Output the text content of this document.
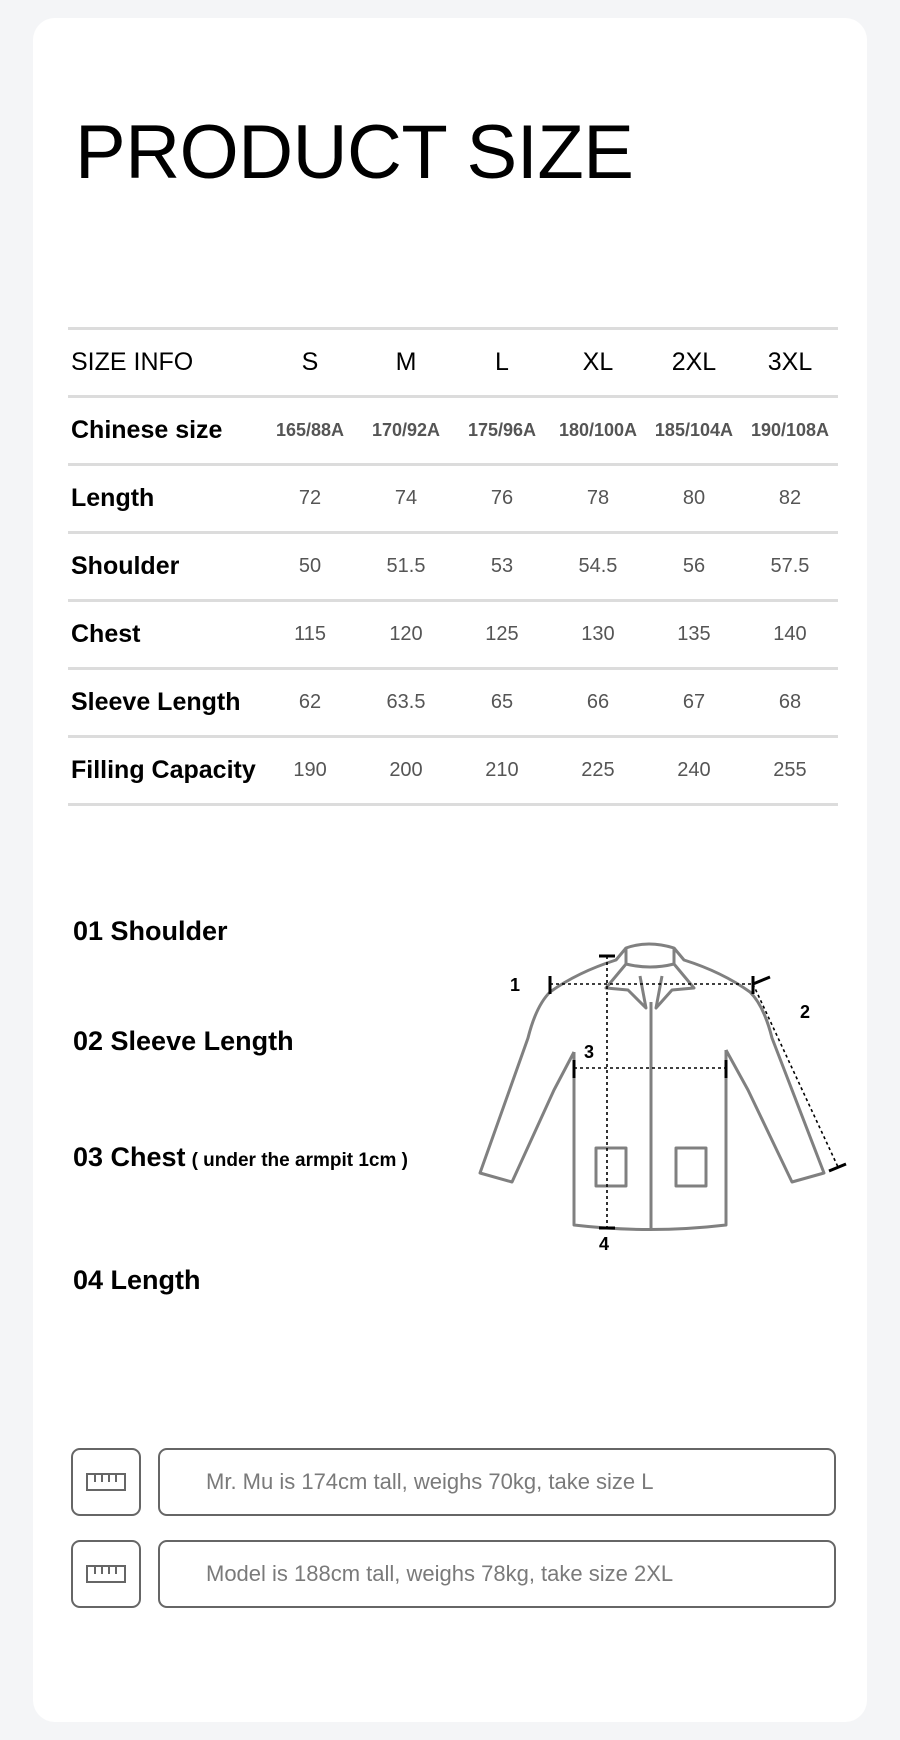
PRODUCT SIZE
SIZE INFO	S	M	L	XL	2XL	3XL
Chinese size	165/88A	170/92A	175/96A	180/100A	185/104A	190/108A
Length	72	74	76	78	80	82
Shoulder	50	51.5	53	54.5	56	57.5
Chest	115	120	125	130	135	140
Sleeve Length	62	63.5	65	66	67	68
Filling Capacity	190	200	210	225	240	255
01 Shoulder
02 Sleeve Length
03 Chest ( under the armpit 1cm )
04 Length
1
2
3
4
Mr. Mu is 174cm tall, weighs 70kg, take size L
Model is 188cm tall, weighs 78kg, take size 2XL
